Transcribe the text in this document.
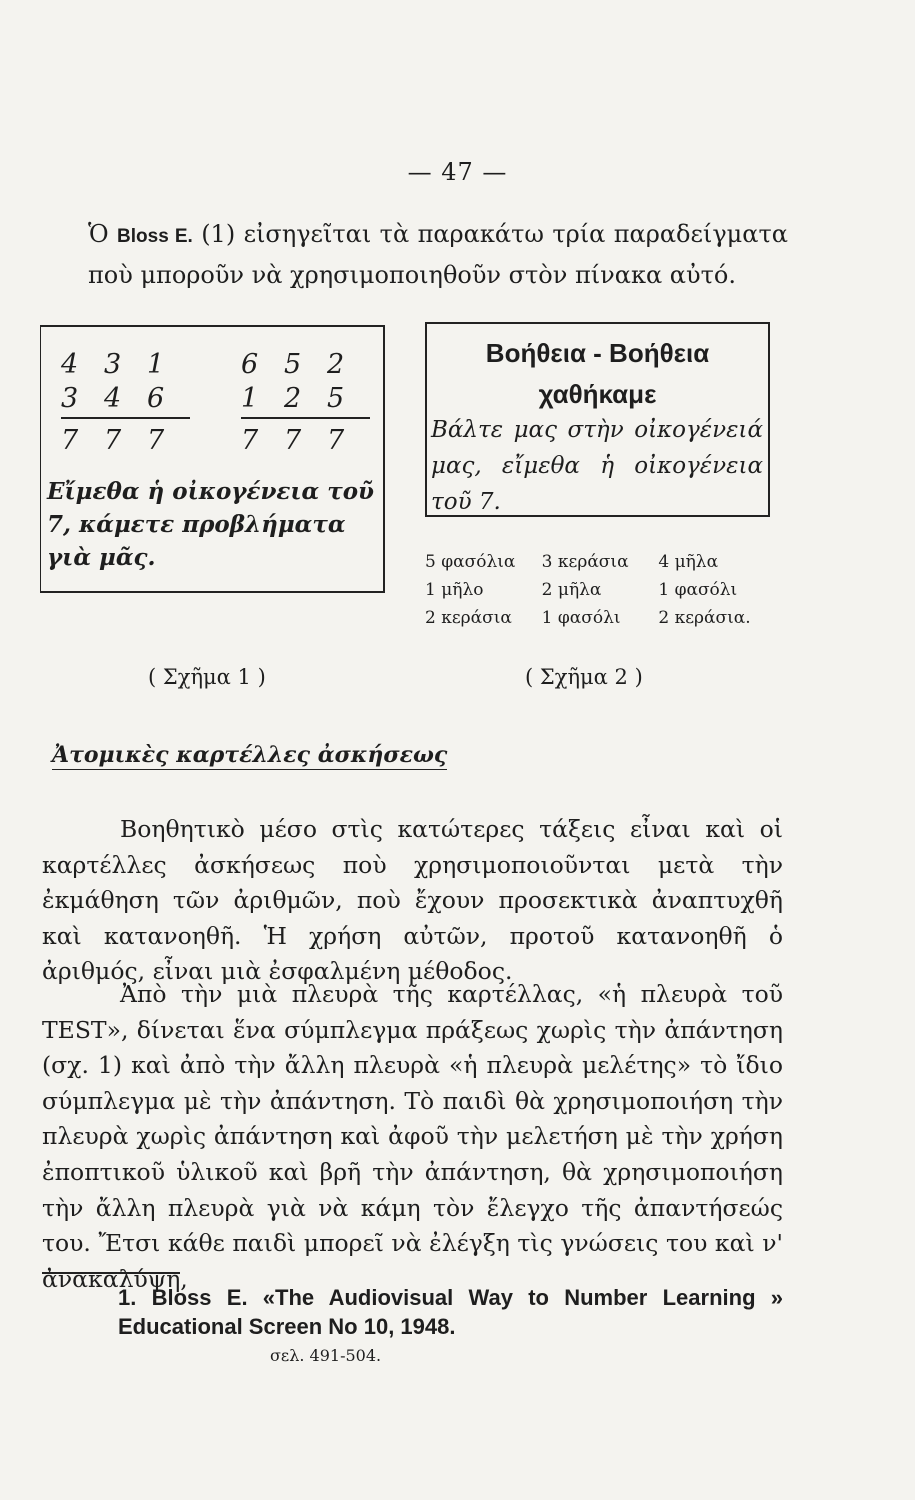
— 47 —
Ὁ Bloss E. (1) εἰσηγεῖται τὰ παρακάτω τρία παραδείγματα ποὺ μποροῦν νὰ χρησιμοποιηθοῦν στὸν πίνακα αὐτό.
4 3 1
3 4 6
7 7 7
6 5 2
1 2 5
7 7 7
Εἴμεθα ἡ οἰκογένεια τοῦ 7, κάμετε προβλήματα γιὰ μᾶς.
Βοήθεια - Βοήθεια
χαθήκαμε
Βάλτε μας στὴν οἰκογένειά μας, εἴμεθα ἡ οἰκογένεια τοῦ 7.
5 φασόλια	3 κεράσια	4 μῆλα
1 μῆλο	2 μῆλα	1 φασόλι
2 κεράσια	1 φασόλι	2 κεράσια.
( Σχῆμα 1 )	( Σχῆμα 2 )
Ἀτομικὲς καρτέλλες ἀσκήσεως
Βοηθητικὸ μέσο στὶς κατώτερες τάξεις εἶναι καὶ οἱ καρτέλλες ἀσκήσεως ποὺ χρησιμοποιοῦνται μετὰ τὴν ἐκμάθηση τῶν ἀριθμῶν, ποὺ ἔχουν προσεκτικὰ ἀναπτυχθῆ καὶ κατανοηθῆ. Ἡ χρήση αὐτῶν, προτοῦ κατανοηθῆ ὁ ἀριθμός, εἶναι μιὰ ἐσφαλμένη μέθοδος.
Ἀπὸ τὴν μιὰ πλευρὰ τῆς καρτέλλας, «ἡ πλευρὰ τοῦ TEST», δίνεται ἕνα σύμπλεγμα πράξεως χωρὶς τὴν ἀπάντηση (σχ. 1) καὶ ἀπὸ τὴν ἄλλη πλευρὰ «ἡ πλευρὰ μελέτης» τὸ ἴδιο σύμπλεγμα μὲ τὴν ἀπάντηση. Τὸ παιδὶ θὰ χρησιμοποιήση τὴν πλευρὰ χωρὶς ἀπάντηση καὶ ἀφοῦ τὴν μελετήση μὲ τὴν χρήση ἐποπτικοῦ ὑλικοῦ καὶ βρῆ τὴν ἀπάντηση, θὰ χρησιμοποιήση τὴν ἄλλη πλευρὰ γιὰ νὰ κάμη τὸν ἔλεγχο τῆς ἀπαντήσεώς του. Ἔτσι κάθε παιδὶ μπορεῖ νὰ ἐλέγξη τὶς γνώσεις του καὶ ν' ἀνακαλύψη,
1. Bloss E. «The Audiovisual Way to Number Learning » Educational Screen No 10, 1948.
σελ. 491-504.
